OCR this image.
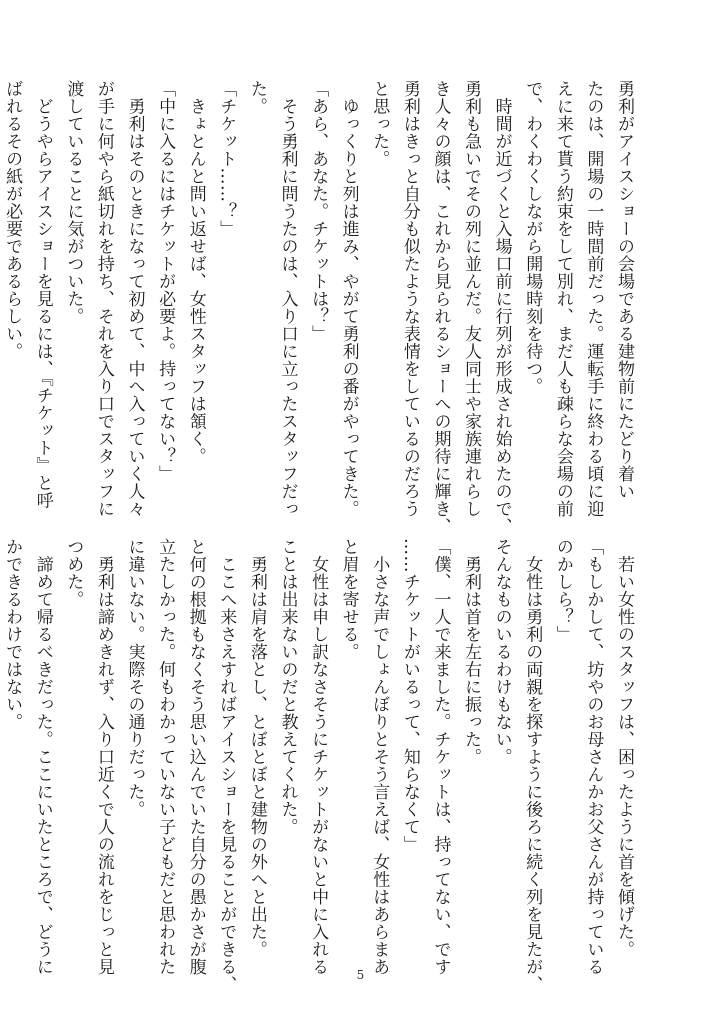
勇利がアイスショーの会場である建物前にたどり着い
たのは、開場の一時間前だった。運転手に終わる頃に迎
えに来て貰う約束をして別れ、まだ人も疎らな会場の前
で、わくわくしながら開場時刻を待つ。
　時間が近づくと入場口前に行列が形成され始めたので、
勇利も急いでその列に並んだ。友人同士や家族連れらし
き人々の顔は、これから見られるショーへの期待に輝き、
勇利はきっと自分も似たような表情をしているのだろう
と思った。
　ゆっくりと列は進み、やがて勇利の番がやってきた。
「あら、あなた。チケットは？」
　そう勇利に問うたのは、入り口に立ったスタッフだっ
た。
「チケット……？」
　きょとんと問い返せば、女性スタッフは頷く。
「中に入るにはチケットが必要よ。持ってない？」
　勇利はそのときになって初めて、中へ入っていく人々
が手に何やら紙切れを持ち、それを入り口でスタッフに
渡していることに気がついた。
　どうやらアイスショーを見るには、『チケット』と呼
ばれるその紙が必要であるらしい。
　若い女性のスタッフは、困ったように首を傾げた。
「もしかして、坊やのお母さんかお父さんが持っている
のかしら？」
　女性は勇利の両親を探すように後ろに続く列を見たが、
そんなものいるわけもない。
　勇利は首を左右に振った。
「僕、一人で来ました。チケットは、持ってない、です
……チケットがいるって、知らなくて」
　小さな声でしょんぼりとそう言えば、女性はあらまあ
と眉を寄せる。
　女性は申し訳なさそうにチケットがないと中に入れる
ことは出来ないのだと教えてくれた。
　勇利は肩を落とし、とぼとぼと建物の外へと出た。
　ここへ来さえすればアイスショーを見ることができる、
と何の根拠もなくそう思い込んでいた自分の愚かさが腹
立たしかった。何もわかっていない子どもだと思われた
に違いない。実際その通りだった。
　勇利は諦めきれず、入り口近くで人の流れをじっと見
つめた。
　諦めて帰るべきだった。ここにいたところで、どうに
かできるわけではない。
5
